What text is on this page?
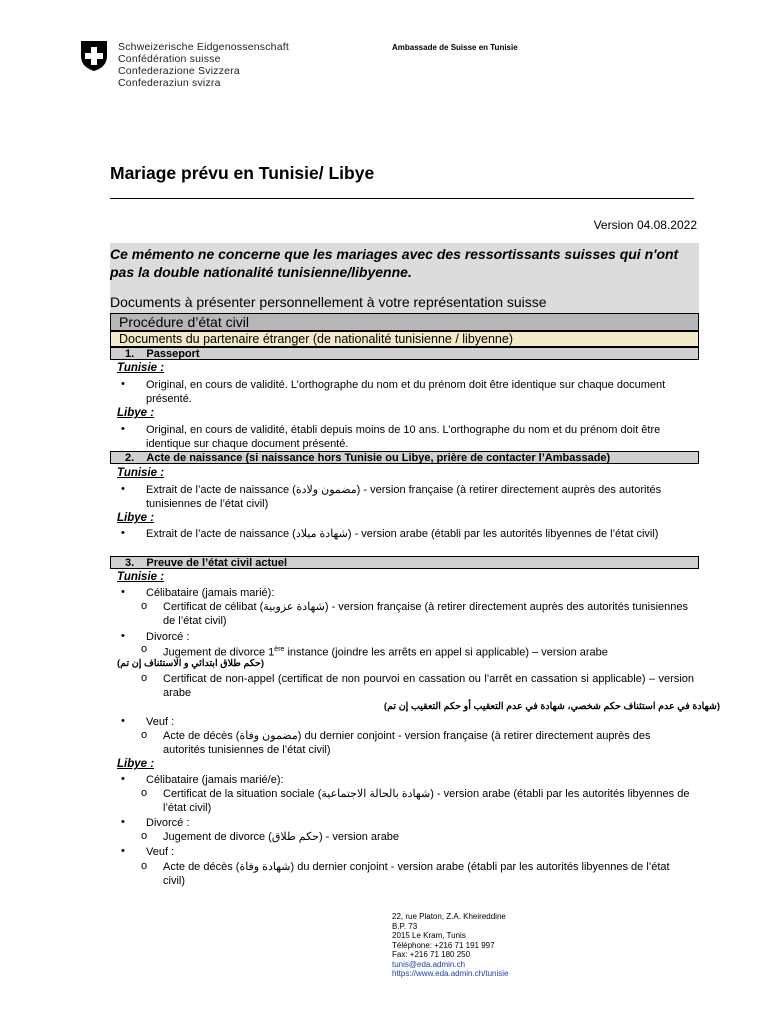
Schweizerische Eidgenossenschaft
Confédération suisse
Confederazione Svizzera
Confederaziun svizra
Ambassade de Suisse en Tunisie
Mariage prévu en Tunisie/ Libye
Version 04.08.2022
Ce mémento ne concerne que les mariages avec des ressortissants suisses qui n'ont pas la double nationalité tunisienne/libyenne.
Documents à présenter personnellement à votre représentation suisse
Procédure d’état civil
Documents du partenaire étranger (de nationalité tunisienne / libyenne)
1.    Passeport
Tunisie :
• Original, en cours de validité. L’orthographe du nom et du prénom doit être identique sur chaque document présenté.
Libye :
• Original, en cours de validité, établi depuis moins de 10 ans. L’orthographe du nom et du prénom doit être identique sur chaque document présenté.
2.    Acte de naissance (si naissance hors Tunisie ou Libye, prière de contacter l’Ambassade)
Tunisie :
• Extrait de l’acte de naissance (مضمون ولادة) - version française (à retirer directement auprès des autorités tunisiennes de l’état civil)
Libye :
• Extrait de l’acte de naissance (شهادة ميلاد) - version arabe (établi par les autorités libyennes de l’état civil)
3.    Preuve de l’état civil actuel
Tunisie :
• Célibataire (jamais marié):
o Certificat de célibat (شهادة عزوبية) - version française (à retirer directement auprès des autorités tunisiennes de l’état civil)
• Divorcé :
o Jugement de divorce 1ère instance (joindre les arrêts en appel si applicable) – version arabe
(حكم طلاق ابتدائي و الاستئناف إن تم)
o Certificat de non-appel (certificat de non pourvoi en cassation ou l’arrêt en cassation si applicable) – version arabe
(شهادة في عدم استئناف حكم شخصي، شهادة في عدم التعقيب أو حكم التعقيب إن تم)
• Veuf :
o Acte de décès (مضمون وفاة) du dernier conjoint - version française (à retirer directement auprès des autorités tunisiennes de l’état civil)
Libye :
• Célibataire (jamais marié/e):
o Certificat de la situation sociale (شهادة بالحالة الاجتماعية) - version arabe (établi par les autorités libyennes de l’état civil)
• Divorcé :
o Jugement de divorce (حكم طلاق) - version arabe
• Veuf :
o Acte de décès (شهادة وفاة) du dernier conjoint - version arabe (établi par les autorités libyennes de l’état civil)
22, rue Platon, Z.A. Kheireddine
B.P. 73
2015 Le Kram, Tunis
Téléphone: +216 71 191 997
Fax: +216 71 180 250
tunis@eda.admin.ch
https://www.eda.admin.ch/tunisie
